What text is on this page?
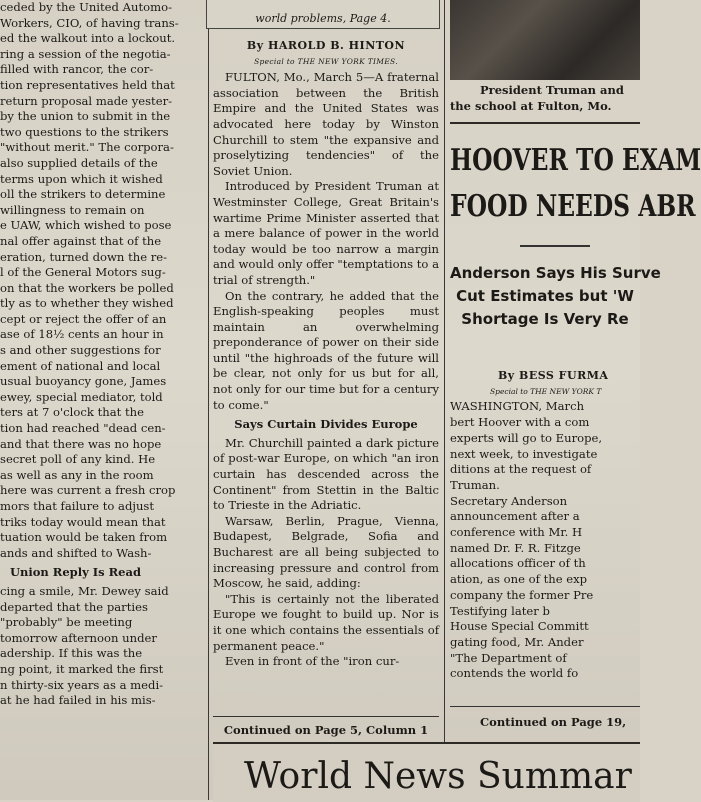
ceded by the United Automo-
Workers, CIO, of having trans-
ed the walkout into a lockout.
ring a session of the negotia-
filled with rancor, the cor-
tion representatives held that
return proposal made yester-
by the union to submit in the
two questions to the strikers
"without merit." The corpora-
also supplied details of the
terms upon which it wished
oll the strikers to determine
willingness to remain on
e UAW, which wished to pose
nal offer against that of the
eration, turned down the re-
l of the General Motors sug-
on that the workers be polled
tly as to whether they wished
cept or reject the offer of an
ase of 18½ cents an hour in
s and other suggestions for
ement of national and local
usual buoyancy gone, James
ewey, special mediator, told
ters at 7 o'clock that the
tion had reached "dead cen-
and that there was no hope
secret poll of any kind. He
as well as any in the room
here was current a fresh crop
mors that failure to adjust
triks today would mean that
tuation would be taken from
ands and shifted to Wash-
Union Reply Is Read
cing a smile, Mr. Dewey said
departed that the parties
"probably" be meeting
tomorrow afternoon under
adership. If this was the
ng point, it marked the first
n thirty-six years as a medi-
at he had failed in his mis-
world problems, Page 4.
By HAROLD B. HINTON
Special to THE NEW YORK TIMES.

FULTON, Mo., March 5—A fraternal association between the British Empire and the United States was advocated here today by Winston Churchill to stem "the expansive and proselytizing tendencies" of the Soviet Union.

Introduced by President Truman at Westminster College, Great Britain's wartime Prime Minister asserted that a mere balance of power in the world today would be too narrow a margin and would only offer "temptations to a trial of strength."

On the contrary, he added that the English-speaking peoples must maintain an overwhelming preponderance of power on their side until "the highroads of the future will be clear, not only for us but for all, not only for our time but for a century to come."

Says Curtain Divides Europe

Mr. Churchill painted a dark picture of post-war Europe, on which "an iron curtain has descended across the Continent" from Stettin in the Baltic to Trieste in the Adriatic.

Warsaw, Berlin, Prague, Vienna, Budapest, Belgrade, Sofia and Bucharest are all being subjected to increasing pressure and control from Moscow, he said, adding:

"This is certainly not the liberated Europe we fought to build up. Nor is it one which contains the essentials of permanent peace."

Even in front of the "iron cur-

Continued on Page 5, Column 1
President Truman and
the school at Fulton, Mo.
HOOVER TO EXAM
FOOD NEEDS ABR
Anderson Says His Surve
Cut Estimates but 'W
Shortage Is Very Re
By BESS FURMA
Special to THE NEW YORK T
WASHINGTON, March
bert Hoover with a com
experts will go to Europe,
next week, to investigate
ditions at the request of
Truman.
Secretary Anderson
announcement after a
conference with Mr. H
named Dr. F. R. Fitzge
allocations officer of th
ation, as one of the exp
company the former Pre
Testifying later b
House Special Committ
gating food, Mr. Ander
"The Department of
contends the world fo
Continued on Page 19,
World News Summar
